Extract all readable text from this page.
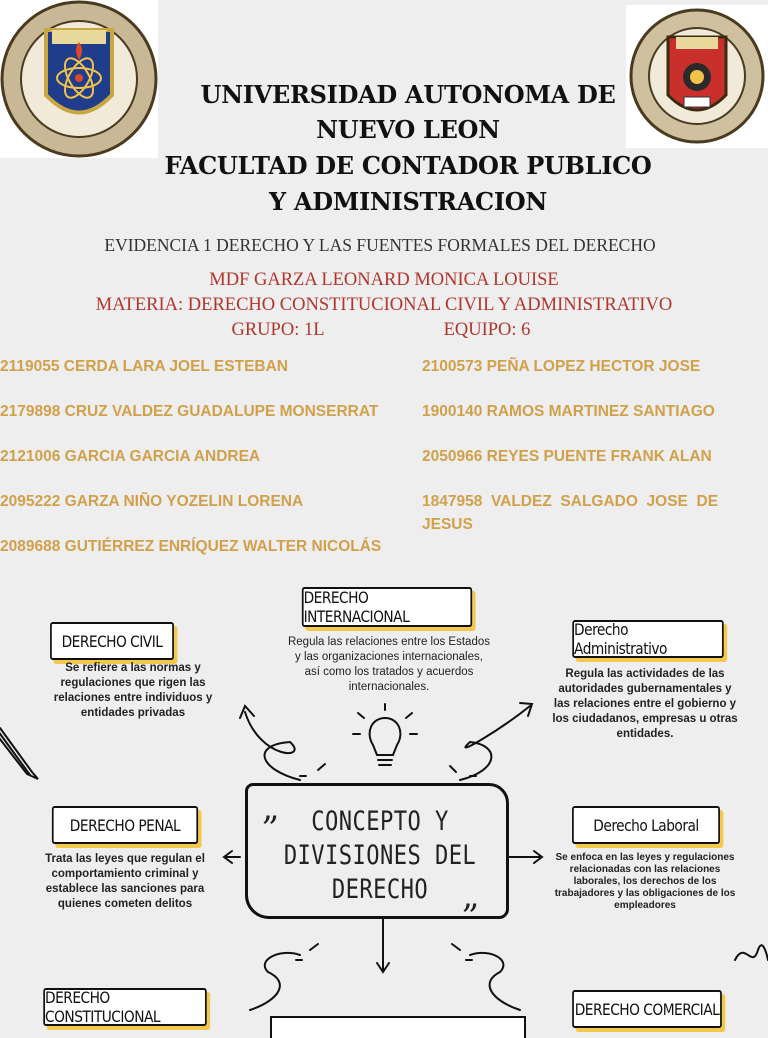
UNIVERSIDAD AUTONOMA DE
NUEVO LEON
FACULTAD DE CONTADOR PUBLICO
Y ADMINISTRACION
EVIDENCIA 1 DERECHO Y LAS FUENTES FORMALES DEL DERECHO
MDF GARZA LEONARD MONICA LOUISE
MATERIA: DERECHO CONSTITUCIONAL CIVIL Y ADMINISTRATIVO
GRUPO: 1L	EQUIPO: 6
2119055 CERDA LARA JOEL ESTEBAN
2179898 CRUZ VALDEZ GUADALUPE MONSERRAT
2121006 GARCIA GARCIA ANDREA
2095222 GARZA NIÑO YOZELIN LORENA
2089688 GUTIÉRREZ ENRÍQUEZ WALTER NICOLÁS
2100573 PEÑA LOPEZ HECTOR JOSE
1900140 RAMOS MARTINEZ SANTIAGO
2050966 REYES PUENTE FRANK ALAN
1847958  VALDEZ  SALGADO  JOSE  DE
JESUS
DERECHO INTERNACIONAL
Regula las relaciones entre los Estados y las organizaciones internacionales, así como los tratados y acuerdos internacionales.
DERECHO CIVIL
Se refiere a las normas y regulaciones que rigen las relaciones entre individuos y entidades privadas
Derecho Administrativo
Regula las actividades de las autoridades gubernamentales y las relaciones entre el gobierno y los ciudadanos, empresas u otras entidades.
DERECHO PENAL
Trata las leyes que regulan el comportamiento criminal y establece las sanciones para quienes cometen delitos
Derecho Laboral
Se enfoca en las leyes y regulaciones relacionadas con las relaciones laborales, los derechos de los trabajadores y las obligaciones de los empleadores
DERECHO CONSTITUCIONAL	DERECHO COMERCIAL
„
„
CONCEPTO Y
DIVISIONES DEL
DERECHO
